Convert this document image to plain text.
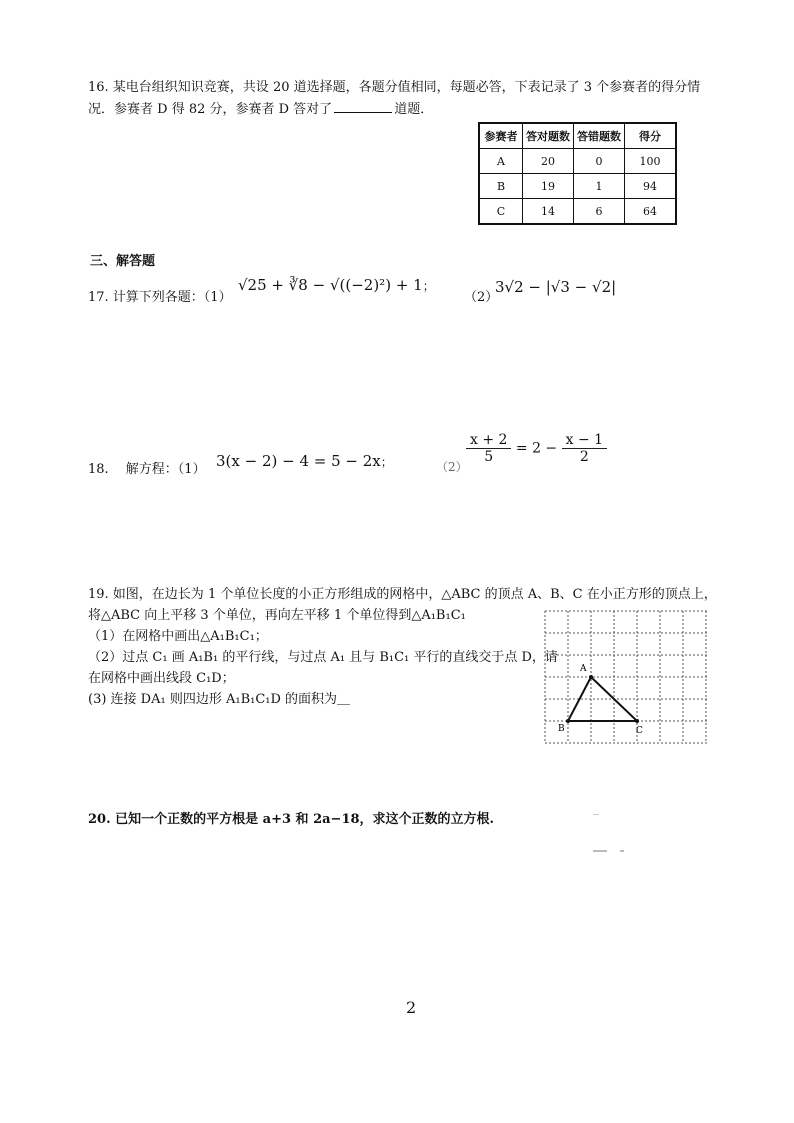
16. 某电台组织知识竞赛，共设 20 道选择题，各题分值相同，每题必答，下表记录了 3 个参赛者的得分情
况．参赛者 D 得 82 分，参赛者 D 答对了	道题．
参赛者	答对题数	答错题数	得分
A	20	0	100
B	19	1	94
C	14	6	64
三、解答题
17. 计算下列各题：（1）
√25 + ∛8 − √((−2)²) + 1；
（2）
3√2 − |√3 − √2|
18.　 解方程：（1） 3(x − 2) − 4 = 5 − 2x；	（2）
$\frac{x + 2}{5} = 2 - \frac{x - 1}{2}$
19. 如图，在边长为 1 个单位长度的小正方形组成的网格中，△ABC 的顶点 A、B、C 在小正方形的顶点上，
将△ABC 向上平移 3 个单位，再向左平移 1 个单位得到△A₁B₁C₁
（1）在网格中画出△A₁B₁C₁；
（2）过点 C₁ 画 A₁B₁ 的平行线，与过点 A₁ 且与 B₁C₁ 平行的直线交于点 D，请
在网格中画出线段 C₁D；
(3) 连接 DA₁ 则四边形 A₁B₁C₁D 的面积为＿
A
B	C
20. 已知一个正数的平方根是 a+3 和 2a−18，求这个正数的立方根.
2
